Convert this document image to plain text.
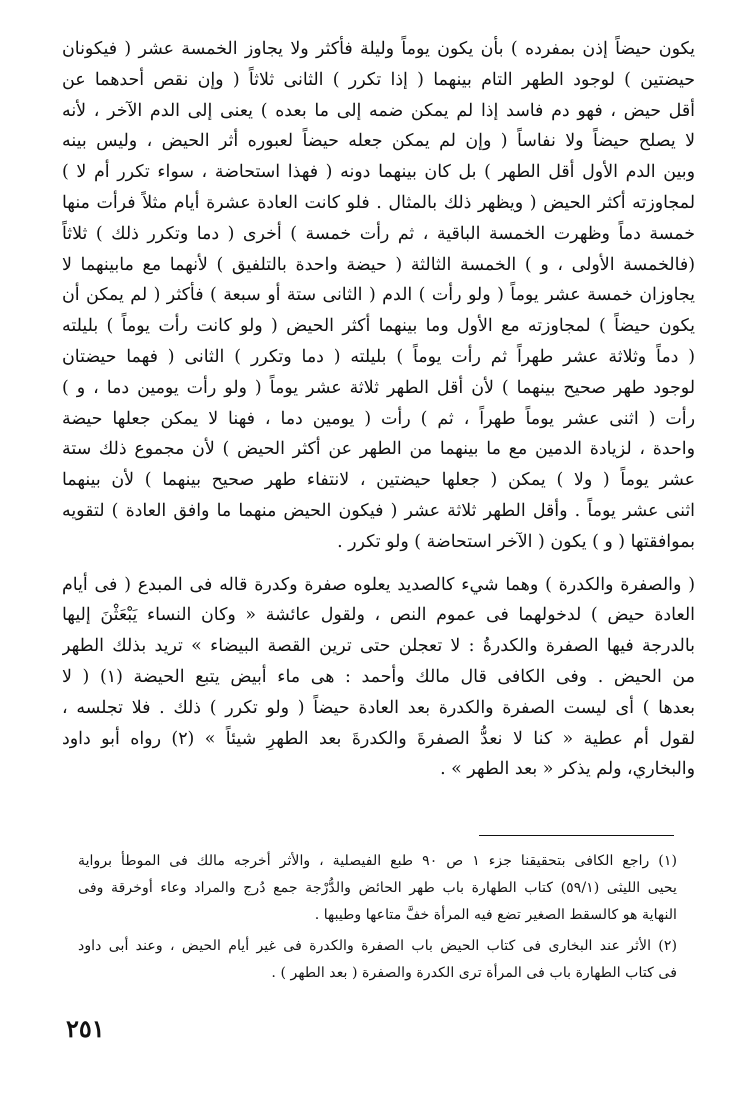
يكون حيضاً إذن بمفرده ) بأن يكون يوماً وليلة فأكثر ولا يجاوز الخمسة عشر ( فيكونان
حيضتين ) لوجود الطهر التام بينهما ( إذا تكرر ) الثانى ثلاثاً ( وإن نقص أحدهما عن
أقل حيض ، فهو دم فاسد إذا لم يمكن ضمه إلى ما بعده ) يعنى إلى الدم الآخر ، لأنه
لا يصلح حيضاً ولا نفاساً ( وإن لم يمكن جعله حيضاً لعبوره أثر الحيض ، وليس بينه
وبين الدم الأول أقل الطهر ) بل كان بينهما دونه ( فهذا استحاضة ، سواء تكرر أم لا )
لمجاوزته أكثر الحيض ( ويظهر ذلك بالمثال . فلو كانت العادة عشرة أيام مثلاً فرأت منها
خمسة دماً وظهرت الخمسة الباقية ، ثم رأت خمسة ) أخرى ( دما وتكرر ذلك ) ثلاثاً
(فالخمسة الأولى ، و ) الخمسة الثالثة ( حيضة واحدة بالتلفيق ) لأنهما مع مابينهما لا
يجاوزان خمسة عشر يوماً ( ولو رأت ) الدم ( الثانى ستة أو سبعة ) فأكثر ( لم يمكن أن
يكون حيضاً ) لمجاوزته مع الأول وما بينهما أكثر الحيض ( ولو كانت رأت يوماً ) بليلته
( دماً وثلاثة عشر طهراً ثم رأت يوماً ) بليلته ( دما وتكرر ) الثانى ( فهما حيضتان
لوجود طهر صحيح بينهما ) لأن أقل الطهر ثلاثة عشر يوماً ( ولو رأت يومين دما ، و )
رأت ( اثنى عشر يوماً طهراً ، ثم ) رأت ( يومين دما ، فهنا لا يمكن جعلها حيضة
واحدة ، لزيادة الدمين مع ما بينهما من الطهر عن أكثر الحيض ) لأن مجموع ذلك ستة
عشر يوماً ( ولا ) يمكن ( جعلها حيضتين ، لانتفاء طهر صحيح بينهما ) لأن بينهما
اثنى عشر يوماً . وأقل الطهر ثلاثة عشر ( فيكون الحيض منهما ما وافق العادة ) لتقويه
بموافقتها ( و ) يكون ( الآخر استحاضة ) ولو تكرر .
( والصفرة والكدرة ) وهما شيء كالصديد يعلوه صفرة وكدرة قاله فى المبدع ( فى أيام
العادة حيض ) لدخولهما فى عموم النص ، ولقول عائشة « وكان النساء يَبْعَثْنَ إليها
بالدرجة فيها الصفرة والكدرةُ : لا تعجلن حتى ترين القصة البيضاء » تريد بذلك الطهر
من الحيض . وفى الكافى قال مالك وأحمد : هى ماء أبيض يتبع الحيضة (١) ( لا
بعدها ) أى ليست الصفرة والكدرة بعد العادة حيضاً ( ولو تكرر ) ذلك . فلا تجلسه ،
لقول أم عطية « كنا لا نعدُّ الصفرةَ والكدرةَ بعد الطهرِ شيئاً » (٢) رواه أبو داود
والبخاري، ولم يذكر « بعد الطهر » .
(١) راجع الكافى بتحقيقنا جزء ١ ص ٩٠ طبع الفيصلية ، والأثر أخرجه مالك فى الموطأ برواية
يحيى الليثى (٥٩/١) كتاب الطهارة باب طهر الحائض والدُّرْجة جمع دُرج والمراد وعاء أوخرقة وفى
النهاية هو كالسقط الصغير تضع فيه المرأة خفَّ متاعها وطيبها .
(٢) الأثر عند البخارى فى كتاب الحيض باب الصفرة والكدرة فى غير أيام الحيض ، وعند أبى داود
فى كتاب الطهارة باب فى المرأة ترى الكدرة والصفرة ( بعد الطهر ) .
٢٥١
